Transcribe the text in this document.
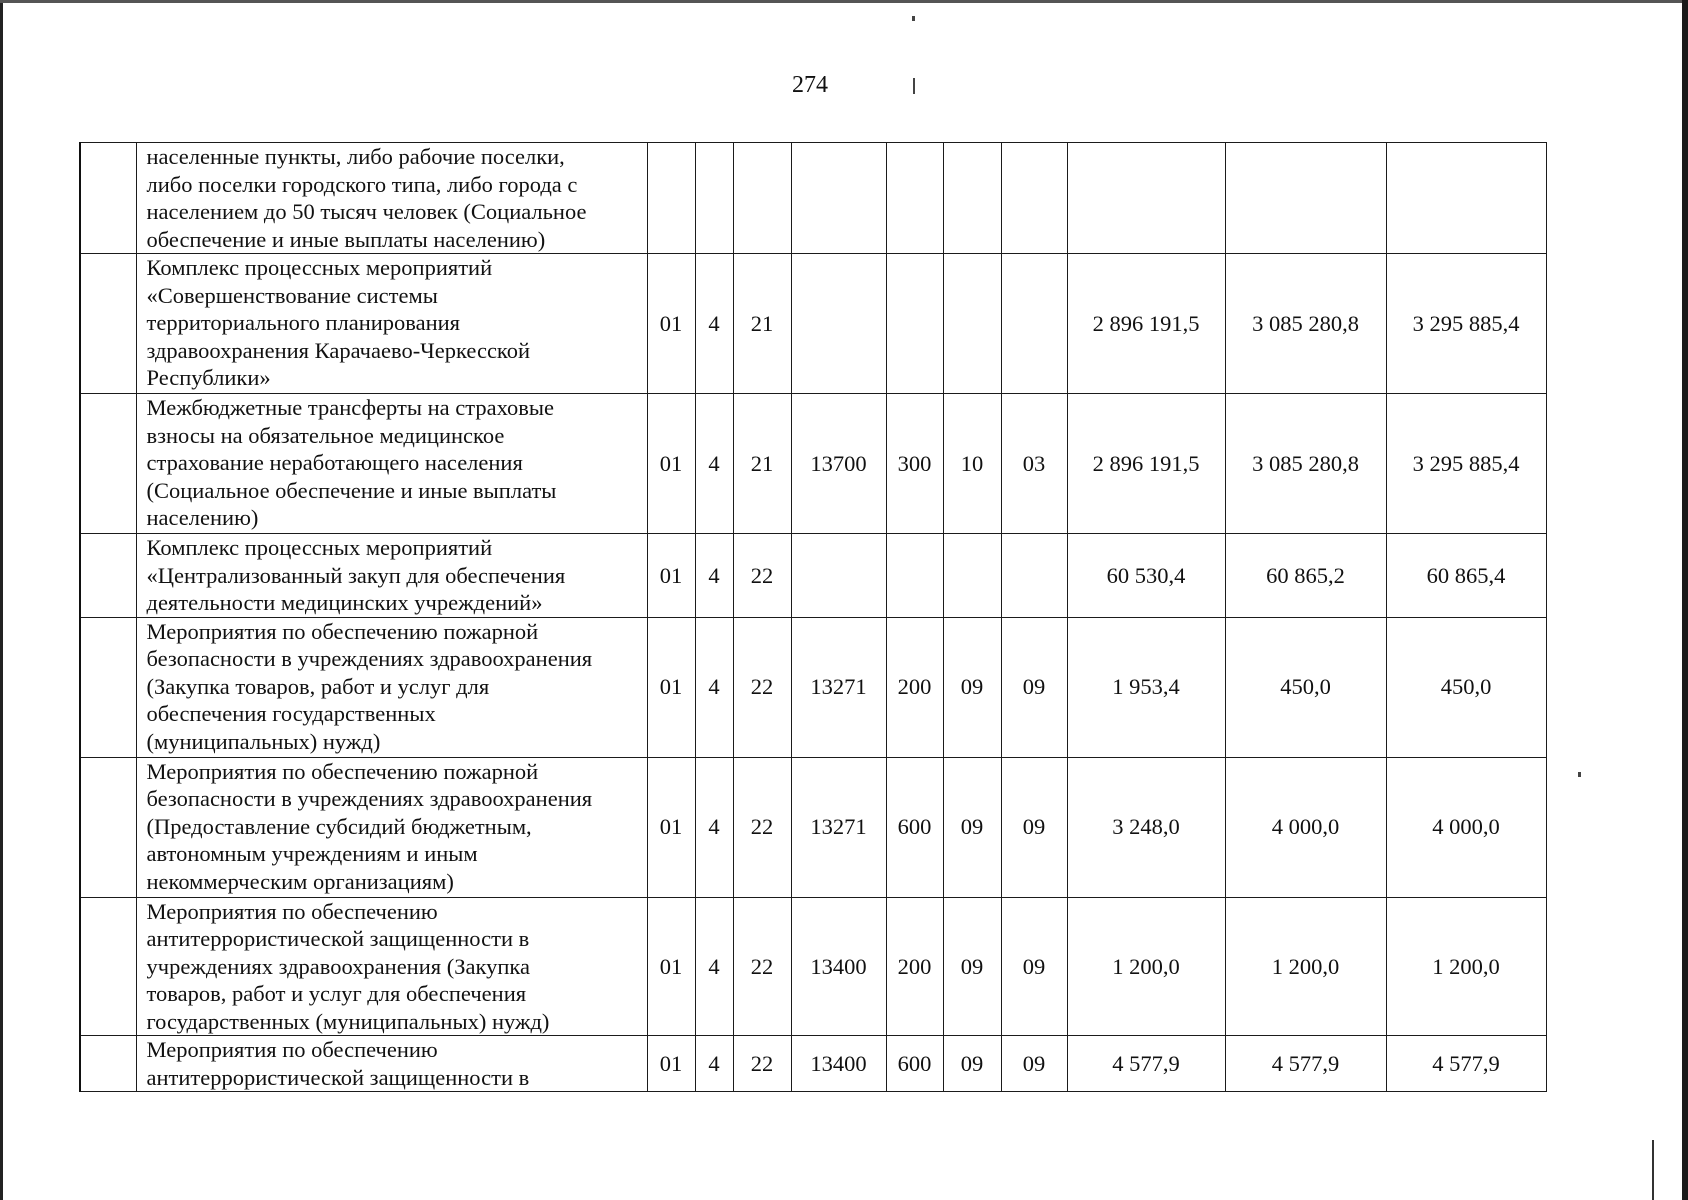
274

	населенные пункты, либо рабочие поселки,
либо поселки городского типа, либо города с
населением до 50 тысяч человек (Социальное
обеспечение и иные выплаты населению)										

	Комплекс процессных мероприятий
«Совершенствование системы
территориального планирования
здравоохранения Карачаево-Черкесской
Республики»	01	4	21					2 896 191,5	3 085 280,8	3 295 885,4

	Межбюджетные трансферты на страховые
взносы на обязательное медицинское
страхование неработающего населения
(Социальное обеспечение и иные выплаты
населению)	01	4	21	13700	300	10	03	2 896 191,5	3 085 280,8	3 295 885,4

	Комплекс процессных мероприятий
«Централизованный закуп для обеспечения
деятельности медицинских учреждений»	01	4	22					60 530,4	60 865,2	60 865,4

	Мероприятия по обеспечению пожарной
безопасности в учреждениях здравоохранения
(Закупка товаров, работ и услуг для
обеспечения государственных
(муниципальных) нужд)	01	4	22	13271	200	09	09	1 953,4	450,0	450,0

	Мероприятия по обеспечению пожарной
безопасности в учреждениях здравоохранения
(Предоставление субсидий бюджетным,
автономным учреждениям и иным
некоммерческим организациям)	01	4	22	13271	600	09	09	3 248,0	4 000,0	4 000,0

	Мероприятия по обеспечению
антитеррористической защищенности в
учреждениях здравоохранения (Закупка
товаров, работ и услуг для обеспечения
государственных (муниципальных) нужд)	01	4	22	13400	200	09	09	1 200,0	1 200,0	1 200,0

	Мероприятия по обеспечению
антитеррористической защищенности в	01	4	22	13400	600	09	09	4 577,9	4 577,9	4 577,9
